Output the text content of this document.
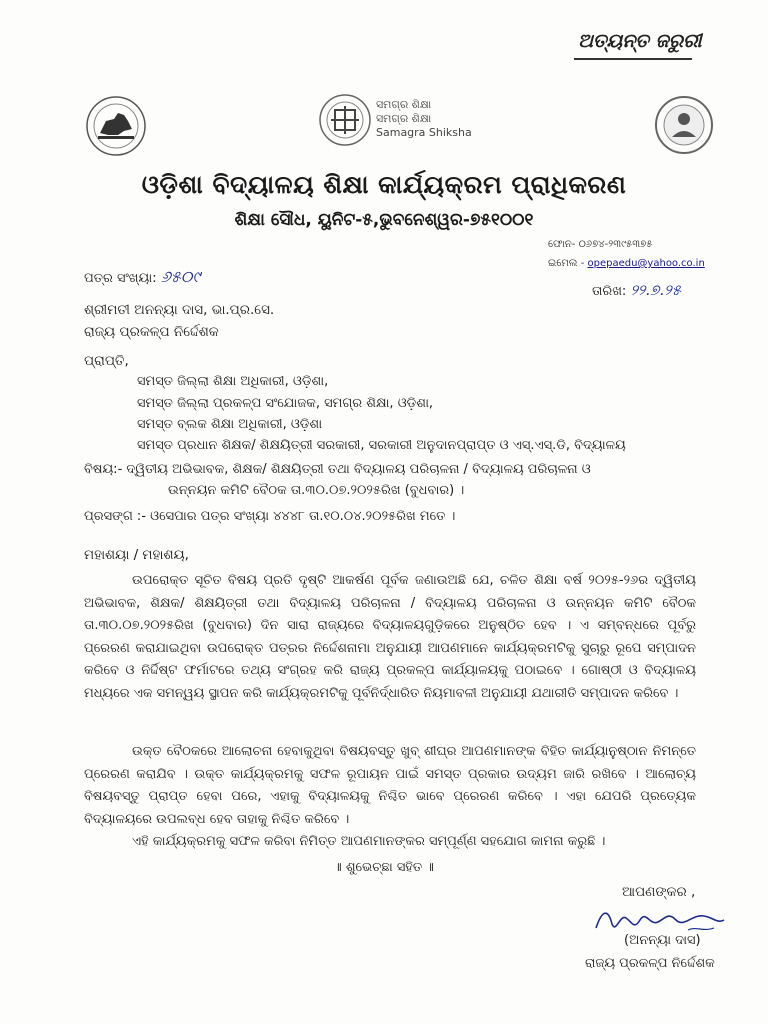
ଅତ୍ୟନ୍ତ ଜରୁରୀ
ସମଗ୍ର ଶିକ୍ଷା
ସମଗ୍ର ଶିକ୍ଷା
Samagra Shiksha
ଓଡ଼ିଶା ବିଦ୍ୟାଳୟ ଶିକ୍ଷା କାର୍ଯ୍ୟକ୍ରମ ପ୍ରାଧିକରଣ
ଶିକ୍ଷା ସୌଧ, ୟୁନିଟ-୫,ଭୁବନେଶ୍ୱର-୭୫୧୦୦୧
ଫୋନ- ୦୬୭୪-୨୩୯୫୩୭୫
ଇମେଲ - opepaedu@yahoo.co.in
ପତ୍ର ସଂଖ୍ୟା: ୬୫୦୯
ତାରିଖ: ୨୨.୭.୨୫
ଶ୍ରୀମତୀ ଅନନ୍ୟା ଦାସ, ଭା.ପ୍ର.ସେ.
ରାଜ୍ୟ ପ୍ରକଳ୍ପ ନିର୍ଦ୍ଦେଶକ
ପ୍ରାପ୍ତି,
ସମସ୍ତ ଜିଲ୍ଲା ଶିକ୍ଷା ଅଧିକାରୀ, ଓଡ଼ିଶା,
ସମସ୍ତ ଜିଲ୍ଲା ପ୍ରକଳ୍ପ ସଂଯୋଜକ, ସମଗ୍ର ଶିକ୍ଷା, ଓଡ଼ିଶା,
ସମସ୍ତ ବ୍ଲକ ଶିକ୍ଷା ଅଧିକାରୀ, ଓଡ଼ିଶା
ସମସ୍ତ ପ୍ରଧାନ ଶିକ୍ଷକ/ ଶିକ୍ଷୟିତ୍ରୀ ସରକାରୀ, ସରକାରୀ ଅନୁଦାନପ୍ରାପ୍ତ ଓ ଏସ୍.ଏସ୍.ଡି, ବିଦ୍ୟାଳୟ
ବିଷୟ:- ଦ୍ୱିତୀୟ ଅଭିଭାବକ, ଶିକ୍ଷକ/ ଶିକ୍ଷୟିତ୍ରୀ ତଥା ବିଦ୍ୟାଳୟ ପରିଚାଳନା / ବିଦ୍ୟାଳୟ ପରିଚାଳନା ଓ
ଉନ୍ନୟନ କମିଟି ବୈଠକ ତା.୩୦.୦୭.୨୦୨୫ରିଖ (ବୁଧବାର) ।
ପ୍ରସଙ୍ଗ :- ଓସେପାର ପତ୍ର ସଂଖ୍ୟା ୪୪୪୮ ତା.୧୦.୦୪.୨୦୨୫ରିଖ ମତେ ।
ମହାଶୟା / ମହାଶୟ,

ଉପରୋକ୍ତ ସୂଚିତ ବିଷୟ ପ୍ରତି ଦୃଷ୍ଟି ଆକର୍ଷଣ ପୂର୍ବକ ଜଣାଉଅଛି ଯେ, ଚଳିତ ଶିକ୍ଷା ବର୍ଷ ୨୦୨୫-୨୬ର ଦ୍ୱିତୀୟ ଅଭିଭାବକ, ଶିକ୍ଷକ/ ଶିକ୍ଷୟିତ୍ରୀ ତଥା ବିଦ୍ୟାଳୟ ପରିଚାଳନା / ବିଦ୍ୟାଳୟ ପରିଚାଳନା ଓ ଉନ୍ନୟନ କମିଟି ବୈଠକ ତା.୩୦.୦୭.୨୦୨୫ରିଖ (ବୁଧବାର) ଦିନ ସାରା ରାଜ୍ୟରେ ବିଦ୍ୟାଳୟଗୁଡ଼ିକରେ ଅନୁଷ୍ଠିତ ହେବ । ଏ ସମ୍ବନ୍ଧରେ ପୂର୍ବରୁ ପ୍ରେରଣ କରାଯାଇଥିବା ଉପରୋକ୍ତ ପତ୍ରର ନିର୍ଦ୍ଦେଶନାମା ଅନୁଯାୟୀ ଆପଣମାନେ କାର୍ଯ୍ୟକ୍ରମଟିକୁ ସୁଚାରୁ ରୂପେ ସମ୍ପାଦନ କରିବେ ଓ ନିର୍ଦ୍ଦିଷ୍ଟ ଫର୍ମାଟରେ ତଥ୍ୟ ସଂଗ୍ରହ କରି ରାଜ୍ୟ ପ୍ରକଳ୍ପ କାର୍ଯ୍ୟାଳୟକୁ ପଠାଇବେ । ଗୋଷ୍ଠୀ ଓ ବିଦ୍ୟାଳୟ ମଧ୍ୟରେ ଏକ ସମନ୍ୱୟ ସ୍ଥାପନ କରି କାର୍ଯ୍ୟକ୍ରମଟିକୁ ପୂର୍ବନିର୍ଦ୍ଧାରିତ ନିୟମାବଳୀ ଅନୁଯାୟୀ ଯଥାରୀତି ସମ୍ପାଦନ କରିବେ ।

ଉକ୍ତ ବୈଠକରେ ଆଲୋଚନା ହେବାକୁଥିବା ବିଷୟବସ୍ତୁ ଖୁବ୍ ଶୀଘ୍ର ଆପଣମାନଙ୍କ ବିହିତ କାର୍ଯ୍ୟାନୁଷ୍ଠାନ ନିମନ୍ତେ ପ୍ରେରଣ କରାଯିବ । ଉକ୍ତ କାର୍ଯ୍ୟକ୍ରମକୁ ସଫଳ ରୂପାୟନ ପାଇଁ ସମସ୍ତ ପ୍ରକାର ଉଦ୍ୟମ ଜାରି ରଖିବେ । ଆଲୋଚ୍ୟ ବିଷୟବସ୍ତୁ ପ୍ରାପ୍ତ ହେବା ପରେ, ଏହାକୁ ବିଦ୍ୟାଳୟକୁ ନିଶ୍ଚିତ ଭାବେ ପ୍ରେରଣ କରିବେ । ଏହା ଯେପରି ପ୍ରତ୍ୟେକ ବିଦ୍ୟାଳୟରେ ଉପଲବ୍ଧ ହେବ ତାହାକୁ ନିଶ୍ଚିତ କରିବେ ।

ଏହି କାର୍ଯ୍ୟକ୍ରମକୁ ସଫଳ କରିବା ନିମିତ୍ତ ଆପଣମାନଙ୍କର ସମ୍ପୂର୍ଣ୍ଣ ସହଯୋଗ କାମନା କରୁଛି ।

॥ ଶୁଭେଚ୍ଛା ସହିତ ॥
ଆପଣଙ୍କର ,
(ଅନନ୍ୟା ଦାସ)
ରାଜ୍ୟ ପ୍ରକଳ୍ପ ନିର୍ଦ୍ଦେଶକ
